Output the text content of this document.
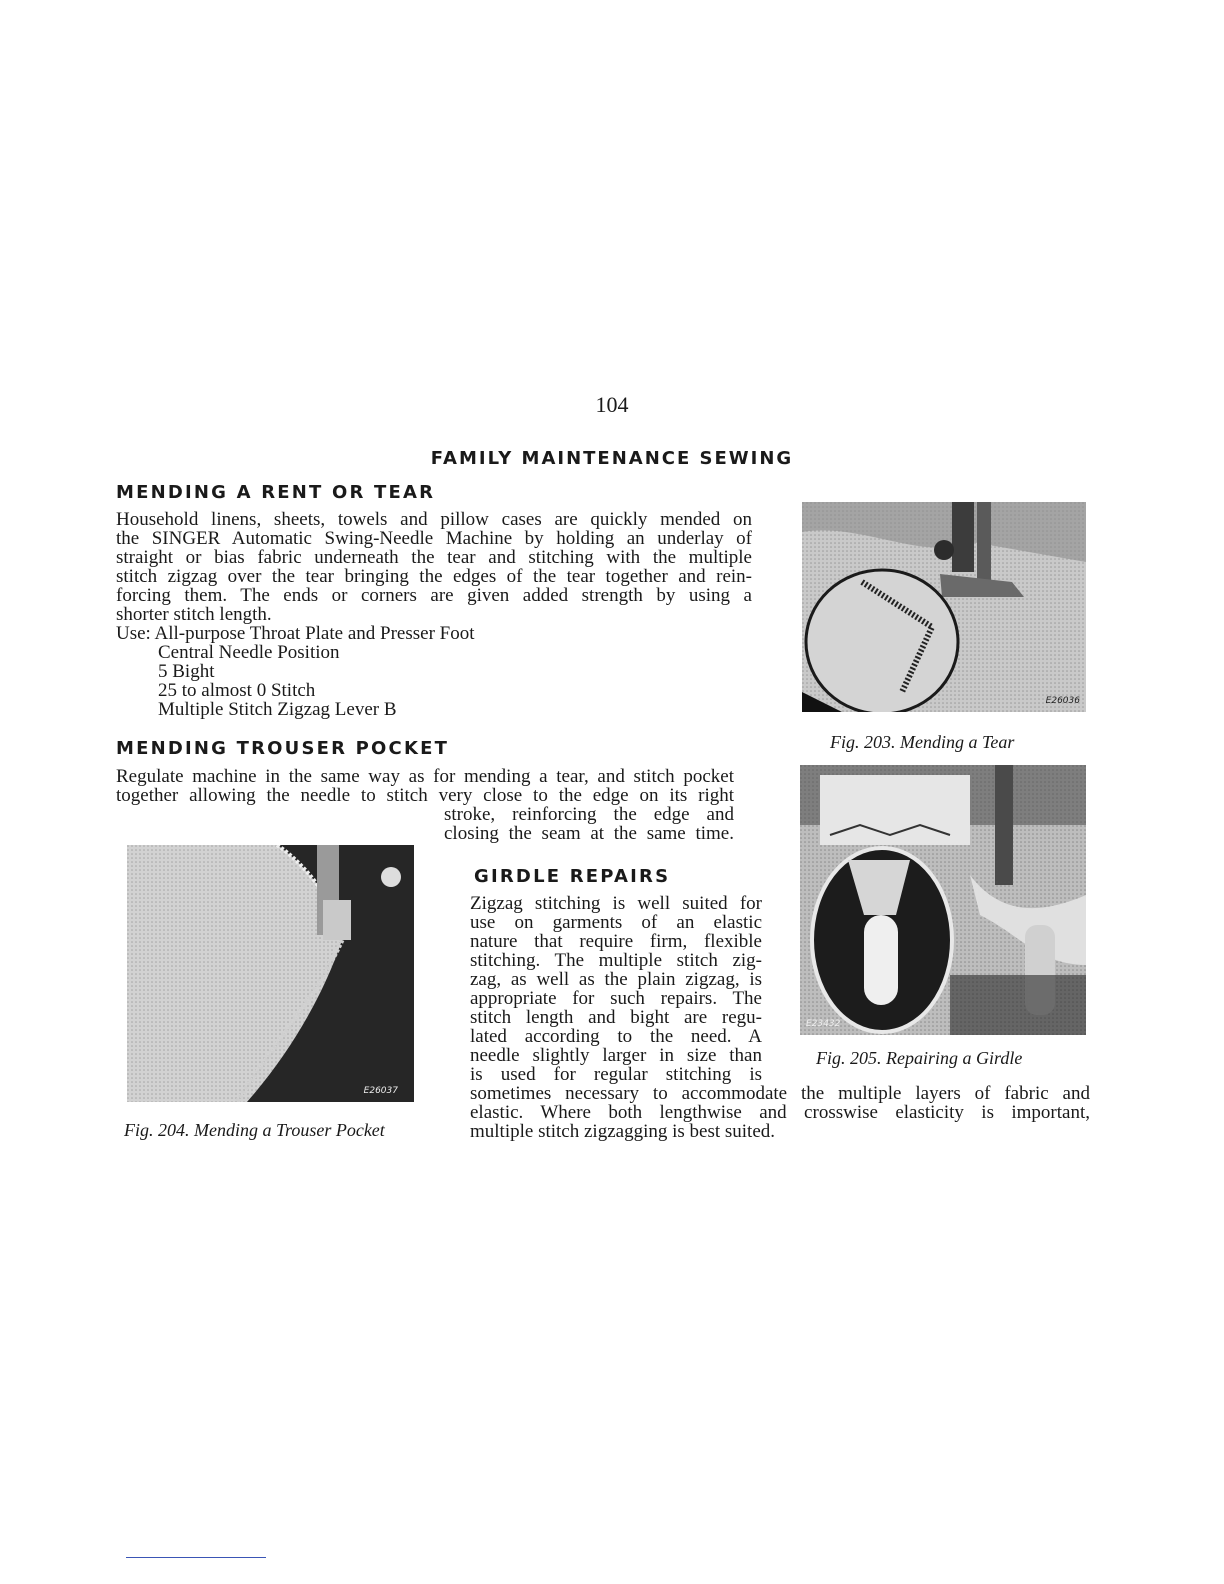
104
FAMILY MAINTENANCE SEWING
MENDING A RENT OR TEAR
Household linens, sheets, towels and pillow cases are quickly mended on
the SINGER Automatic Swing-Needle Machine by holding an underlay of
straight or bias fabric underneath the tear and stitching with the multiple
stitch zigzag over the tear bringing the edges of the tear together and rein-
forcing them. The ends or corners are given added strength by using a
shorter stitch length.
Use: All-purpose Throat Plate and Presser Foot
Central Needle Position
5 Bight
25 to almost 0 Stitch
Multiple Stitch Zigzag Lever B	E26036
Fig. 203. Mending a Tear
MENDING TROUSER POCKET
Regulate machine in the same way as for mending a tear, and stitch pocket
together allowing the needle to stitch very close to the edge on its right
stroke, reinforcing the edge and
closing the seam at the same time.
E23432
Fig. 205. Repairing a Girdle
E26037
Fig. 204. Mending a Trouser Pocket
GIRDLE REPAIRS
Zigzag stitching is well suited for
use on garments of an elastic
nature that require firm, flexible
stitching. The multiple stitch zig-
zag, as well as the plain zigzag, is
appropriate for such repairs. The
stitch length and bight are regu-
lated according to the need. A
needle slightly larger in size than
is used for regular stitching is
sometimes necessary to accommodate the multiple layers of fabric and
elastic. Where both lengthwise and crosswise elasticity is important,
multiple stitch zigzagging is best suited.
